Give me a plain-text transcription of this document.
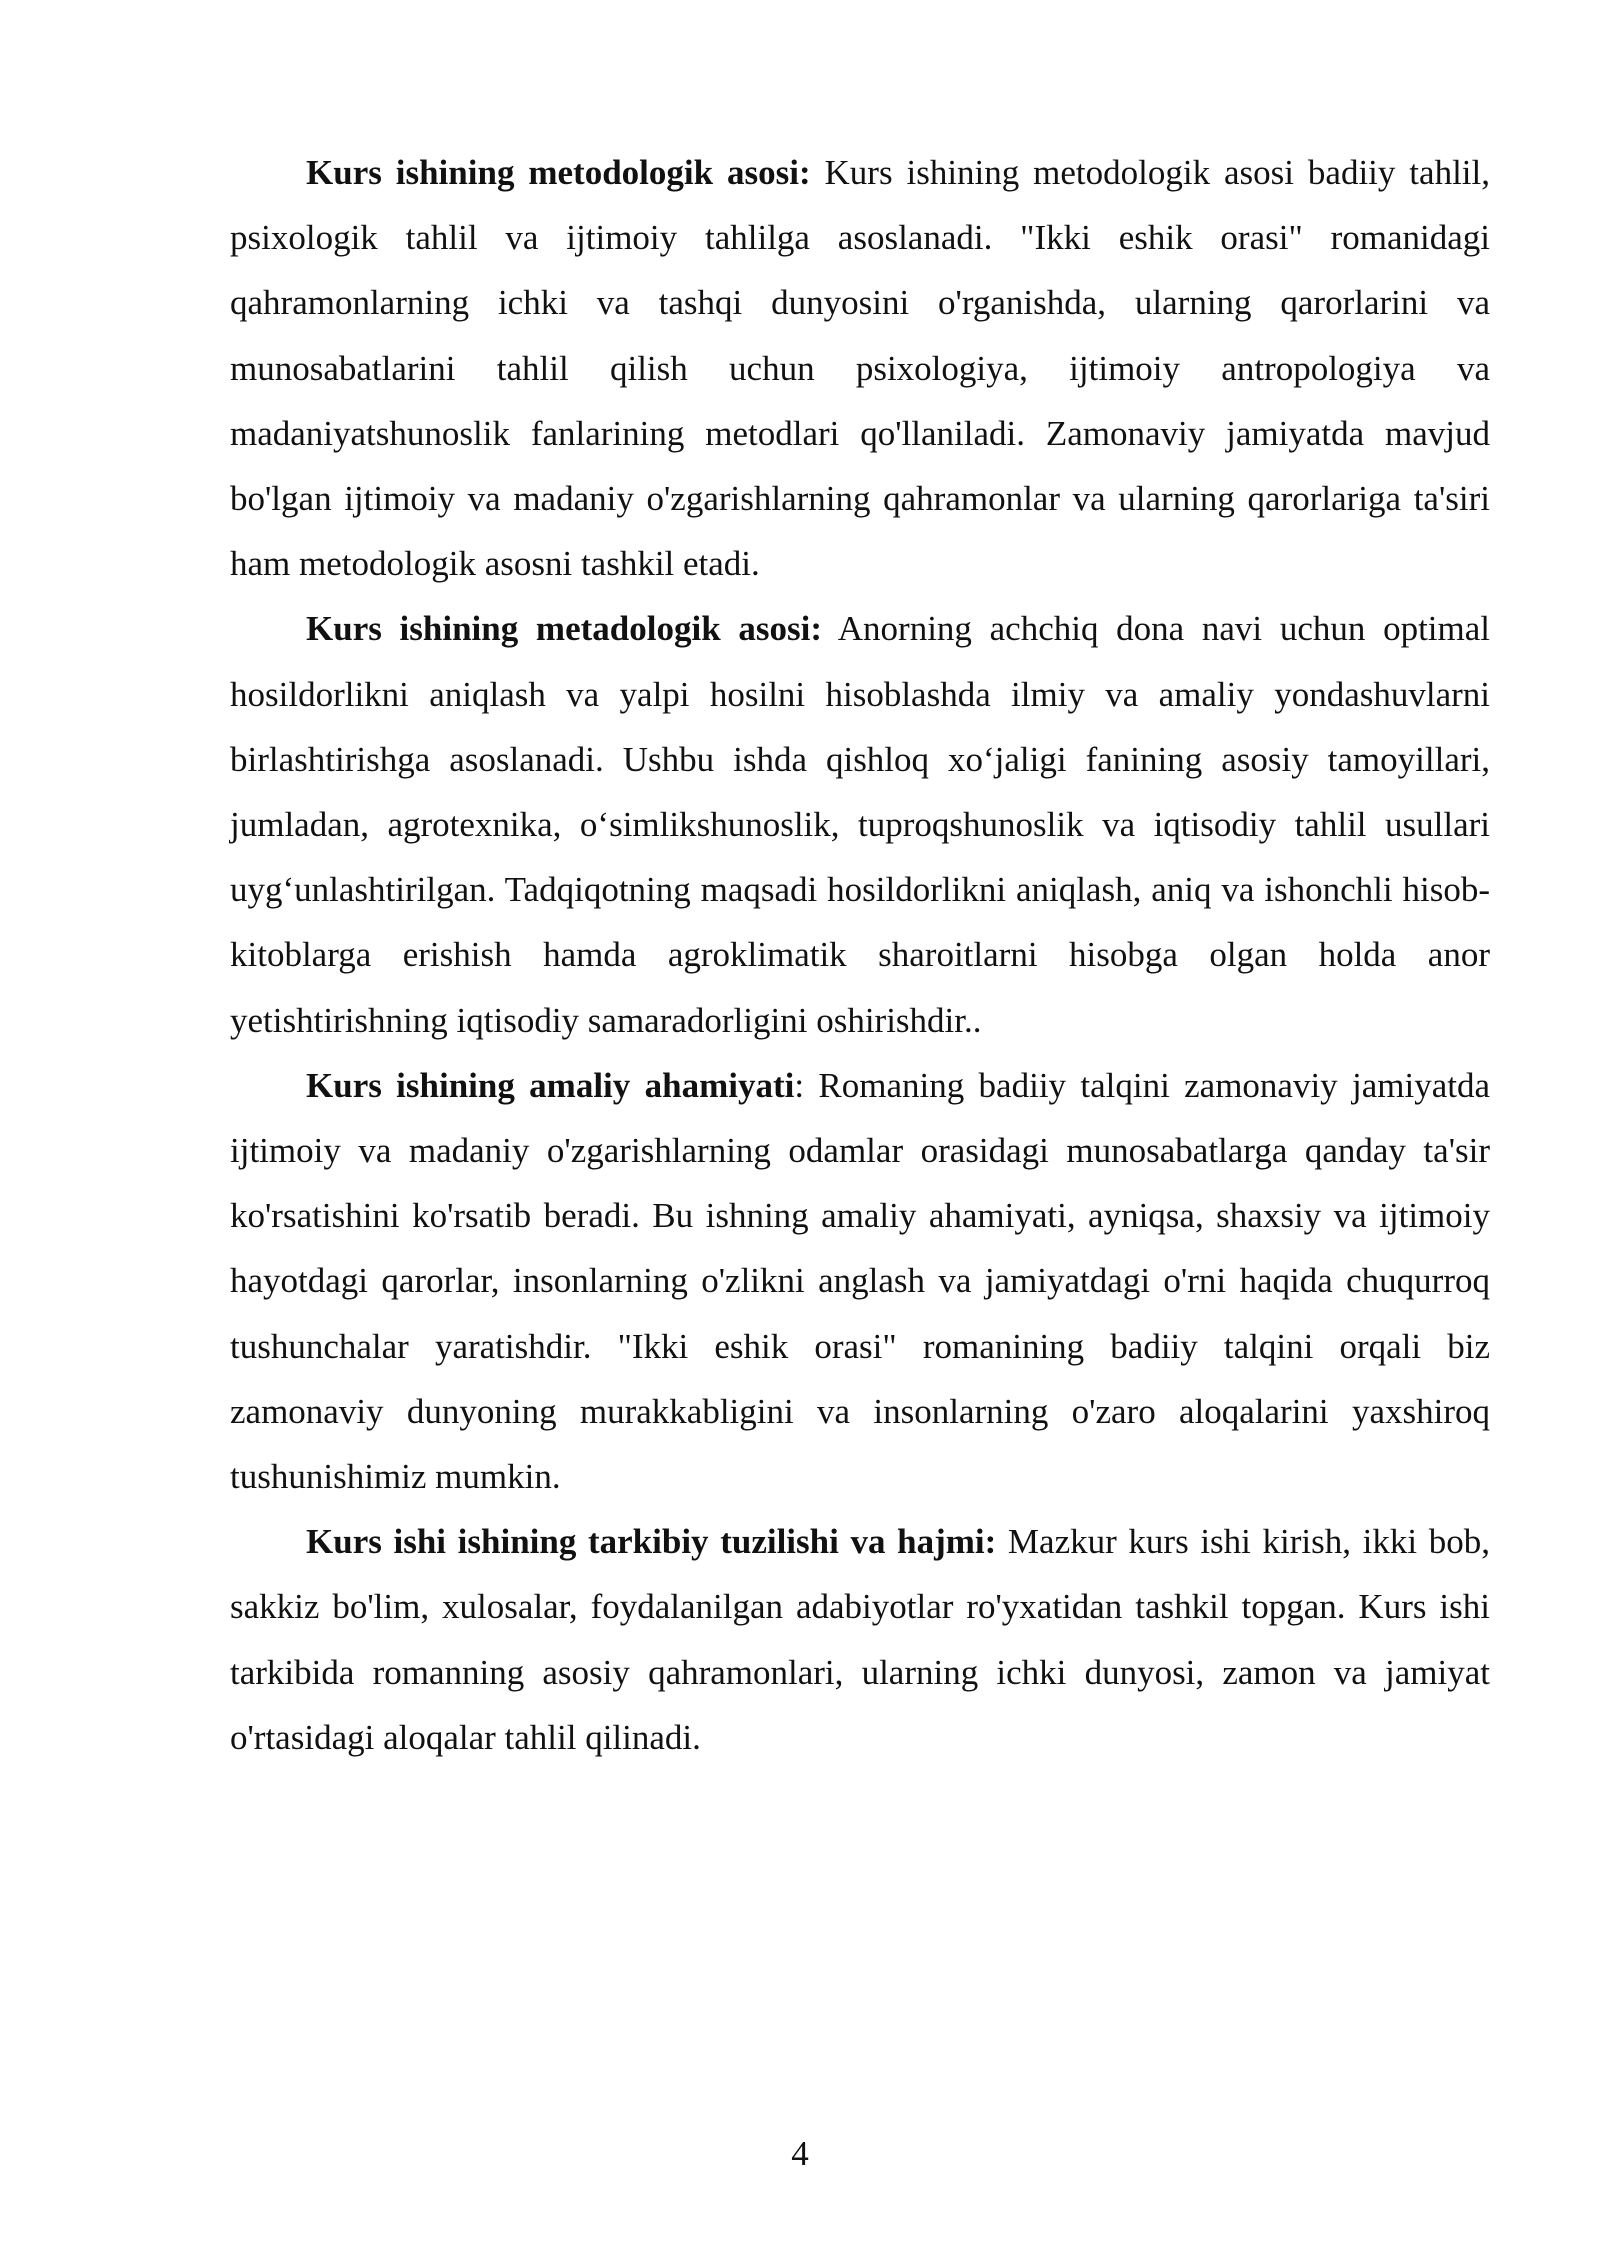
Kurs ishining metodologik asosi: Kurs ishining metodologik asosi badiiy tahlil, psixologik tahlil va ijtimoiy tahlilga asoslanadi. "Ikki eshik orasi" romanidagi qahramonlarning ichki va tashqi dunyosini o'rganishda, ularning qarorlarini va munosabatlarini tahlil qilish uchun psixologiya, ijtimoiy antropologiya va madaniyatshunoslik fanlarining metodlari qo'llaniladi. Zamonaviy jamiyatda mavjud bo'lgan ijtimoiy va madaniy o'zgarishlarning qahramonlar va ularning qarorlariga ta'siri ham metodologik asosni tashkil etadi.

Kurs ishining metadologik asosi: Anorning achchiq dona navi uchun optimal hosildorlikni aniqlash va yalpi hosilni hisoblashda ilmiy va amaliy yondashuvlarni birlashtirishga asoslanadi. Ushbu ishda qishloq xo‘jaligi fanining asosiy tamoyillari, jumladan, agrotexnika, o‘simlikshunoslik, tuproqshunoslik va iqtisodiy tahlil usullari uyg‘unlashtirilgan. Tadqiqotning maqsadi hosildorlikni aniqlash, aniq va ishonchli hisob-kitoblarga erishish hamda agroklimatik sharoitlarni hisobga olgan holda anor yetishtirishning iqtisodiy samaradorligini oshirishdir..

Kurs ishining amaliy ahamiyati: Romaning badiiy talqini zamonaviy jamiyatda ijtimoiy va madaniy o'zgarishlarning odamlar orasidagi munosabatlarga qanday ta'sir ko'rsatishini ko'rsatib beradi. Bu ishning amaliy ahamiyati, ayniqsa, shaxsiy va ijtimoiy hayotdagi qarorlar, insonlarning o'zlikni anglash va jamiyatdagi o'rni haqida chuqurroq tushunchalar yaratishdir. "Ikki eshik orasi" romanining badiiy talqini orqali biz zamonaviy dunyoning murakkabligini va insonlarning o'zaro aloqalarini yaxshiroq tushunishimiz mumkin.

Kurs ishi ishining tarkibiy tuzilishi va hajmi: Mazkur kurs ishi kirish, ikki bob, sakkiz bo'lim, xulosalar, foydalanilgan adabiyotlar ro'yxatidan tashkil topgan. Kurs ishi tarkibida romanning asosiy qahramonlari, ularning ichki dunyosi, zamon va jamiyat o'rtasidagi aloqalar tahlil qilinadi.

4
